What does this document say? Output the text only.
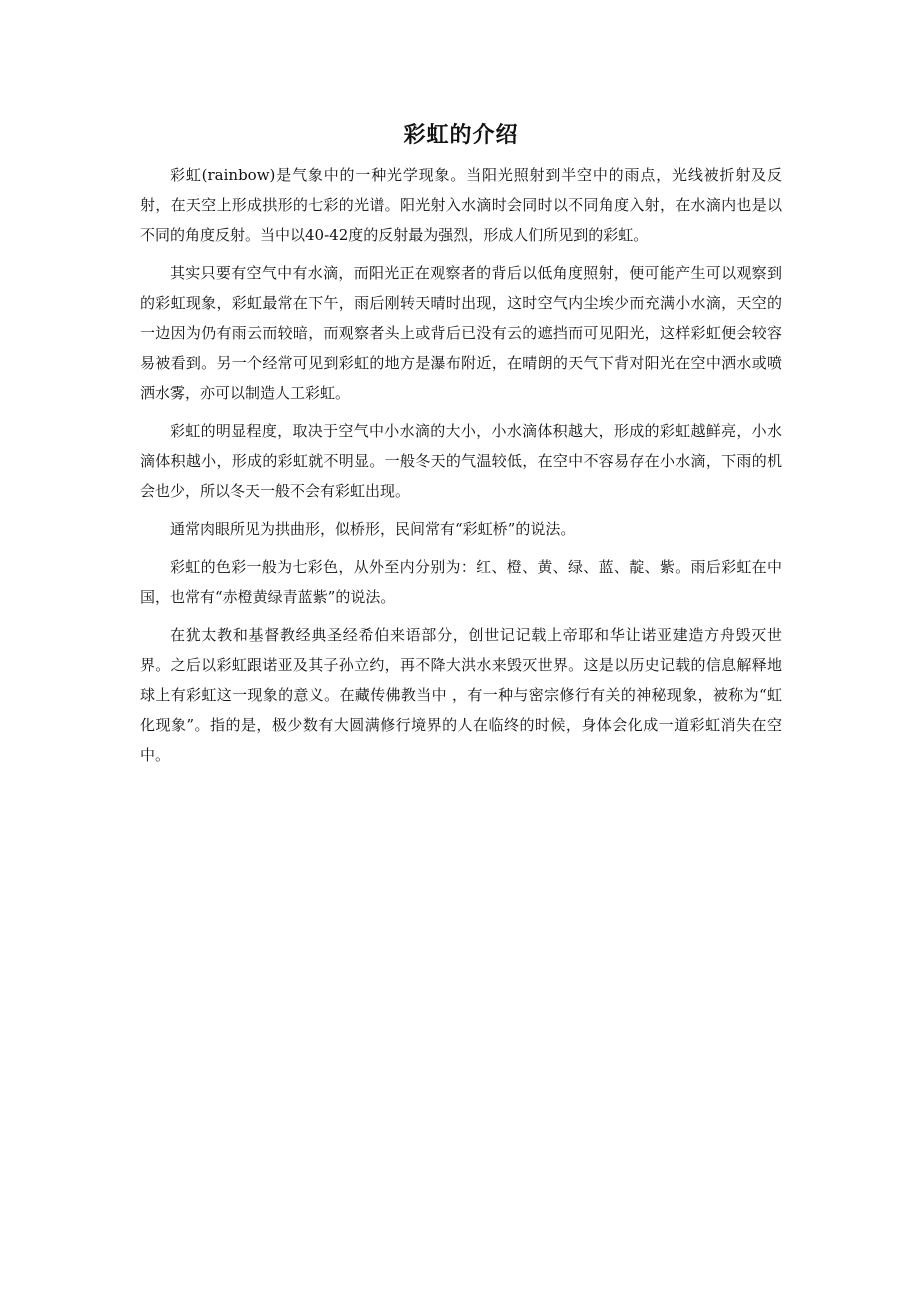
彩虹的介绍

彩虹(rainbow)是气象中的一种光学现象。当阳光照射到半空中的雨点，光线被折射及反射，在天空上形成拱形的七彩的光谱。阳光射入水滴时会同时以不同角度入射，在水滴内也是以不同的角度反射。当中以40-42度的反射最为强烈，形成人们所见到的彩虹。

其实只要有空气中有水滴，而阳光正在观察者的背后以低角度照射，便可能产生可以观察到的彩虹现象，彩虹最常在下午，雨后刚转天晴时出现，这时空气内尘埃少而充满小水滴，天空的一边因为仍有雨云而较暗，而观察者头上或背后已没有云的遮挡而可见阳光，这样彩虹便会较容易被看到。另一个经常可见到彩虹的地方是瀑布附近，在晴朗的天气下背对阳光在空中洒水或喷洒水雾，亦可以制造人工彩虹。

彩虹的明显程度，取决于空气中小水滴的大小，小水滴体积越大，形成的彩虹越鲜亮，小水滴体积越小，形成的彩虹就不明显。一般冬天的气温较低，在空中不容易存在小水滴，下雨的机会也少，所以冬天一般不会有彩虹出现。

通常肉眼所见为拱曲形，似桥形，民间常有“彩虹桥”的说法。

彩虹的色彩一般为七彩色，从外至内分别为：红、橙、黄、绿、蓝、靛、紫。雨后彩虹在中国，也常有“赤橙黄绿青蓝紫”的说法。

在犹太教和基督教经典圣经希伯来语部分，创世记记载上帝耶和华让诺亚建造方舟毁灭世界。之后以彩虹跟诺亚及其子孙立约，再不降大洪水来毁灭世界。这是以历史记载的信息解释地球上有彩虹这一现象的意义。在藏传佛教当中 ，有一种与密宗修行有关的神秘现象，被称为“虹化现象”。指的是，极少数有大圆满修行境界的人在临终的时候，身体会化成一道彩虹消失在空中。
